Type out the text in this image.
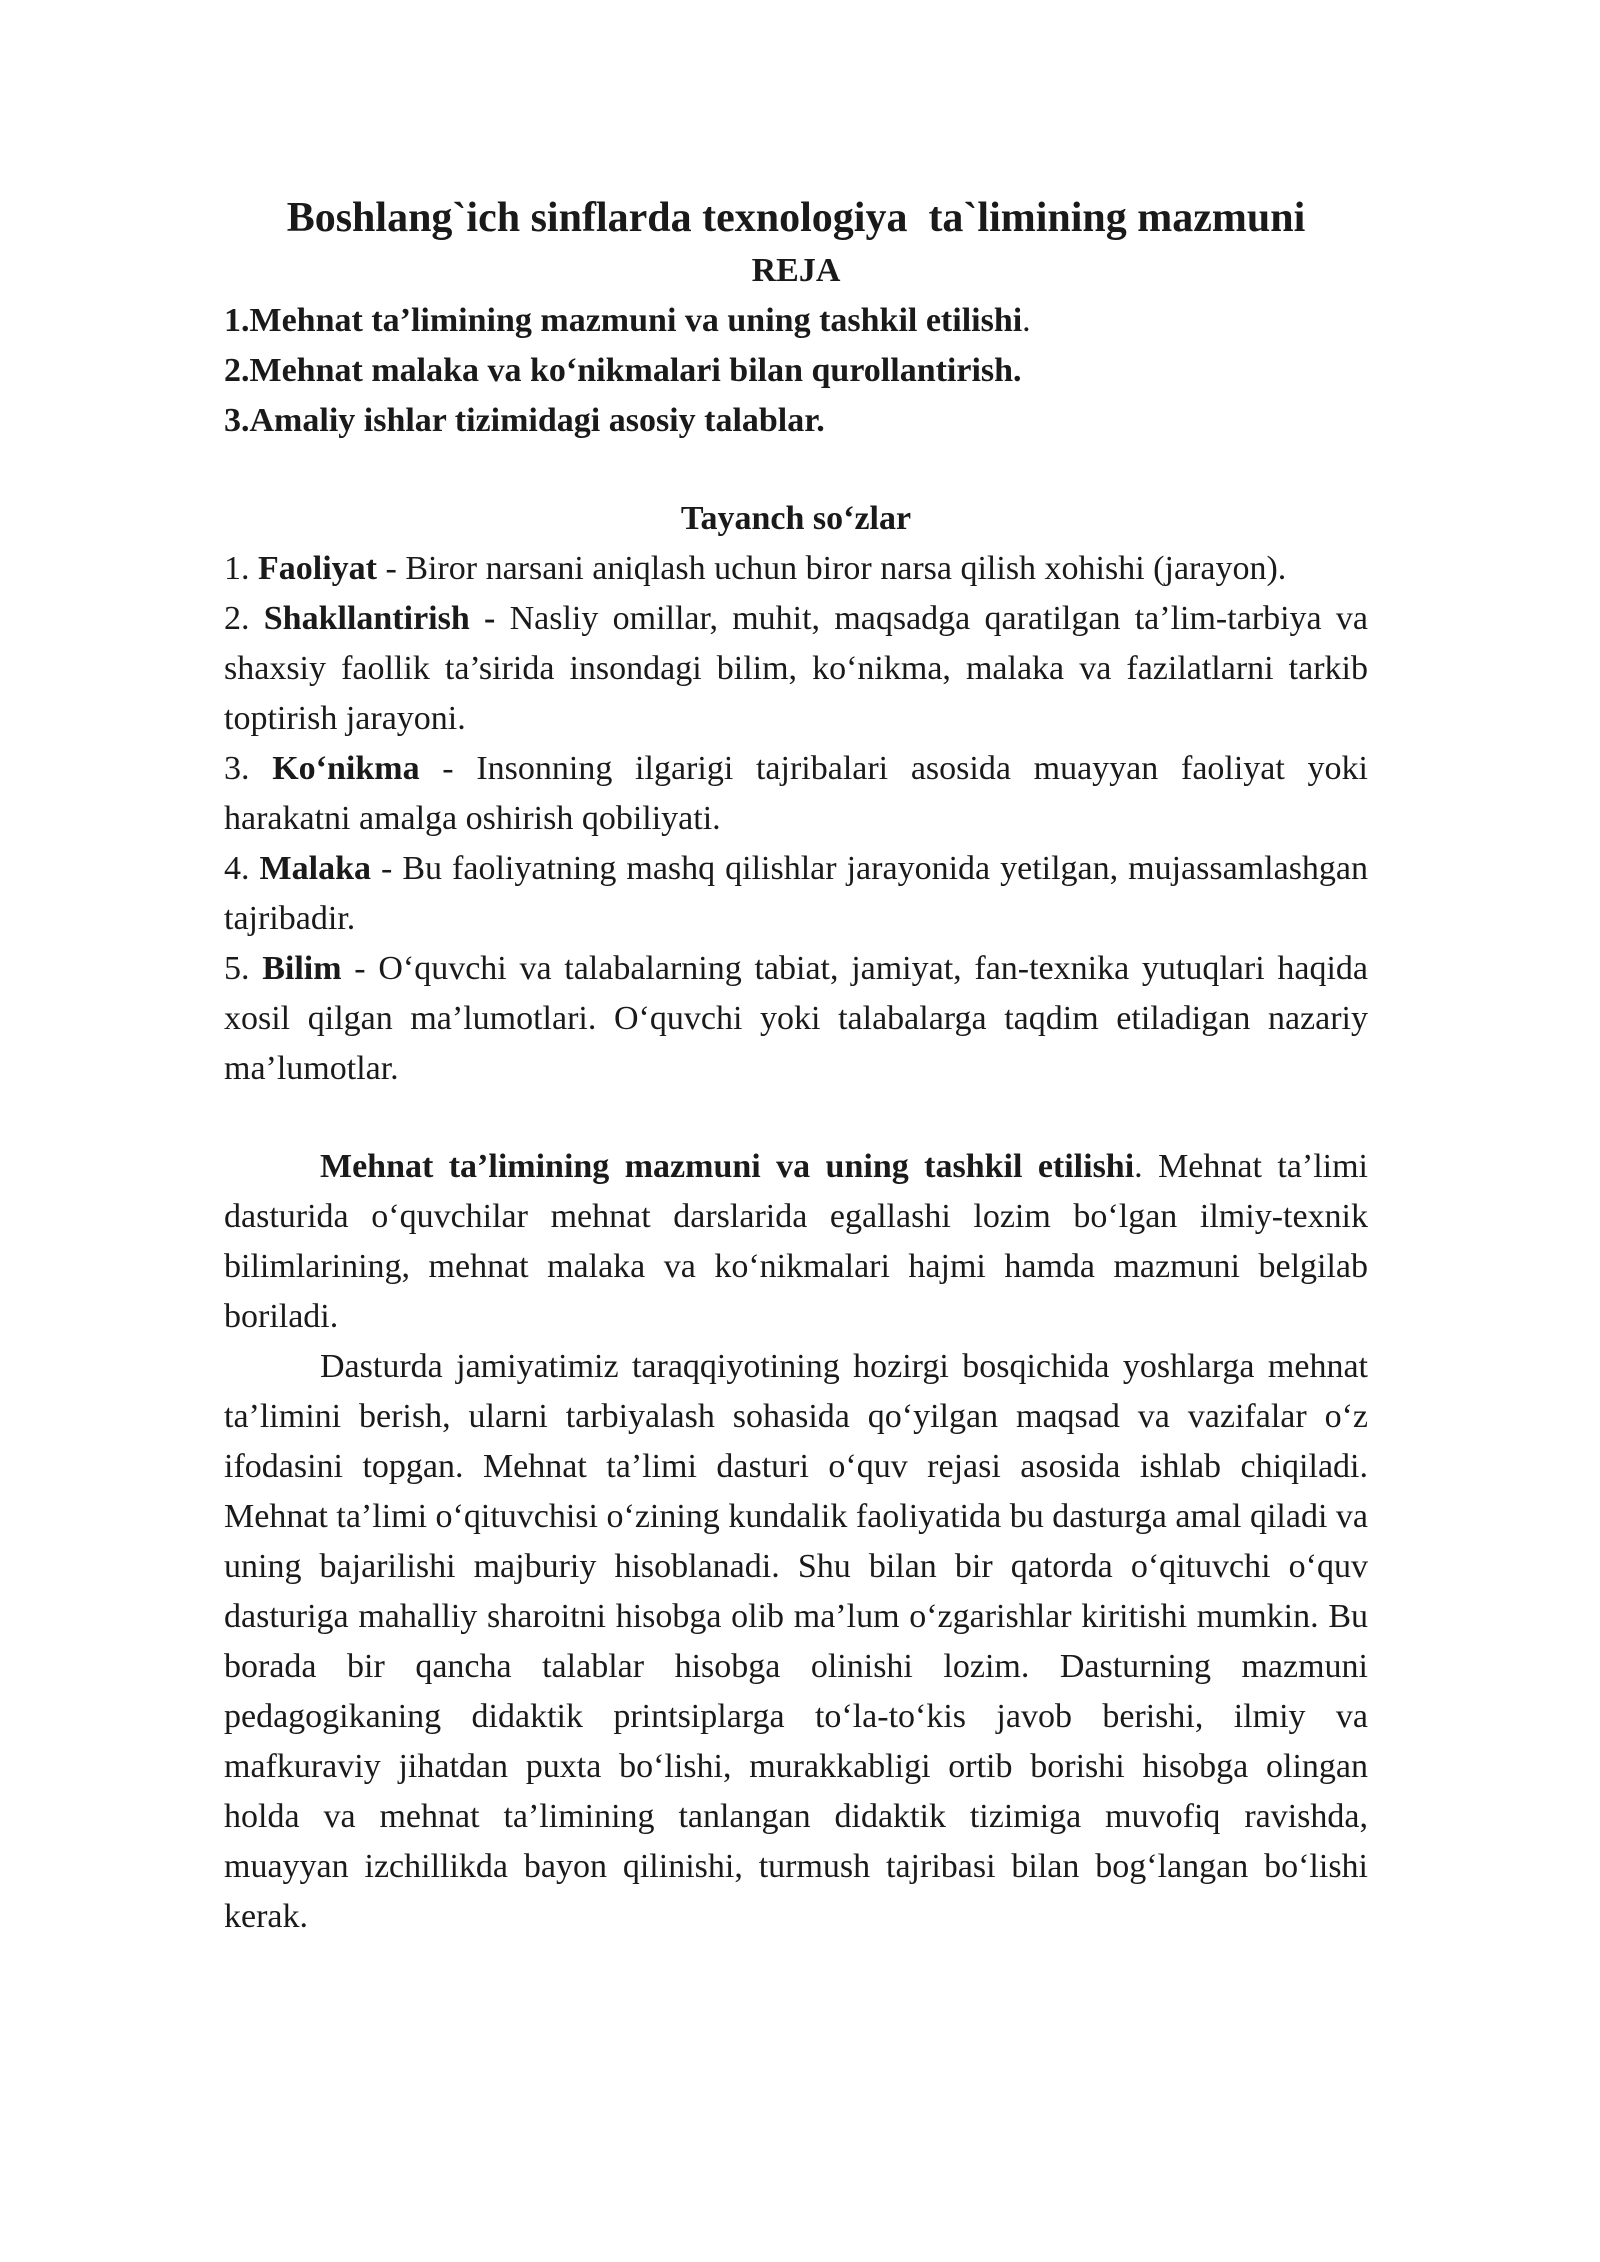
Boshlang`ich sinflarda texnologiya  ta`limining mazmuni

REJA

1.Mehnat ta’limining mazmuni va uning tashkil etilishi.

2.Mehnat malaka va ko‘nikmalari bilan qurollantirish.

3.Amaliy ishlar tizimidagi asosiy talablar.

Tayanch so‘zlar

1. Faoliyat - Biror narsani aniqlash uchun biror narsa qilish xohishi (jarayon).

2. Shakllantirish - Nasliy omillar, muhit, maqsadga qaratilgan ta’lim-tarbiya va shaxsiy faollik ta’sirida insondagi bilim, ko‘nikma, malaka va fazilatlarni tarkib toptirish jarayoni.

3. Ko‘nikma - Insonning ilgarigi tajribalari asosida muayyan faoliyat yoki harakatni amalga oshirish qobiliyati.

4. Malaka - Bu faoliyatning mashq qilishlar jarayonida yetilgan, mujassamlashgan tajribadir.

5. Bilim - O‘quvchi va talabalarning tabiat, jamiyat, fan-texnika yutuqlari haqida xosil qilgan ma’lumotlari. O‘quvchi yoki talabalarga taqdim etiladigan nazariy ma’lumotlar.

Mehnat ta’limining mazmuni va uning tashkil etilishi. Mehnat ta’limi dasturida o‘quvchilar mehnat darslarida egallashi lozim bo‘lgan ilmiy-texnik bilimlarining, mehnat malaka va ko‘nikmalari hajmi hamda mazmuni belgilab boriladi.

Dasturda jamiyatimiz taraqqiyotining hozirgi bosqichida yoshlarga mehnat ta’limini berish, ularni tarbiyalash sohasida qo‘yilgan maqsad va vazifalar o‘z ifodasini topgan. Mehnat ta’limi dasturi o‘quv rejasi asosida ishlab chiqiladi. Mehnat ta’limi o‘qituvchisi o‘zining kundalik faoliyatida bu dasturga amal qiladi va uning bajarilishi majburiy hisoblanadi. Shu bilan bir qatorda o‘qituvchi o‘quv dasturiga mahalliy sharoitni hisobga olib ma’lum o‘zgarishlar kiritishi mumkin. Bu borada bir qancha talablar hisobga olinishi lozim. Dasturning mazmuni pedagogikaning didaktik printsiplarga to‘la-to‘kis javob berishi, ilmiy va mafkuraviy jihatdan puxta bo‘lishi, murakkabligi ortib borishi hisobga olingan holda va mehnat ta’limining tanlangan didaktik tizimiga muvofiq ravishda, muayyan izchillikda bayon qilinishi, turmush tajribasi bilan bog‘langan bo‘lishi kerak.
